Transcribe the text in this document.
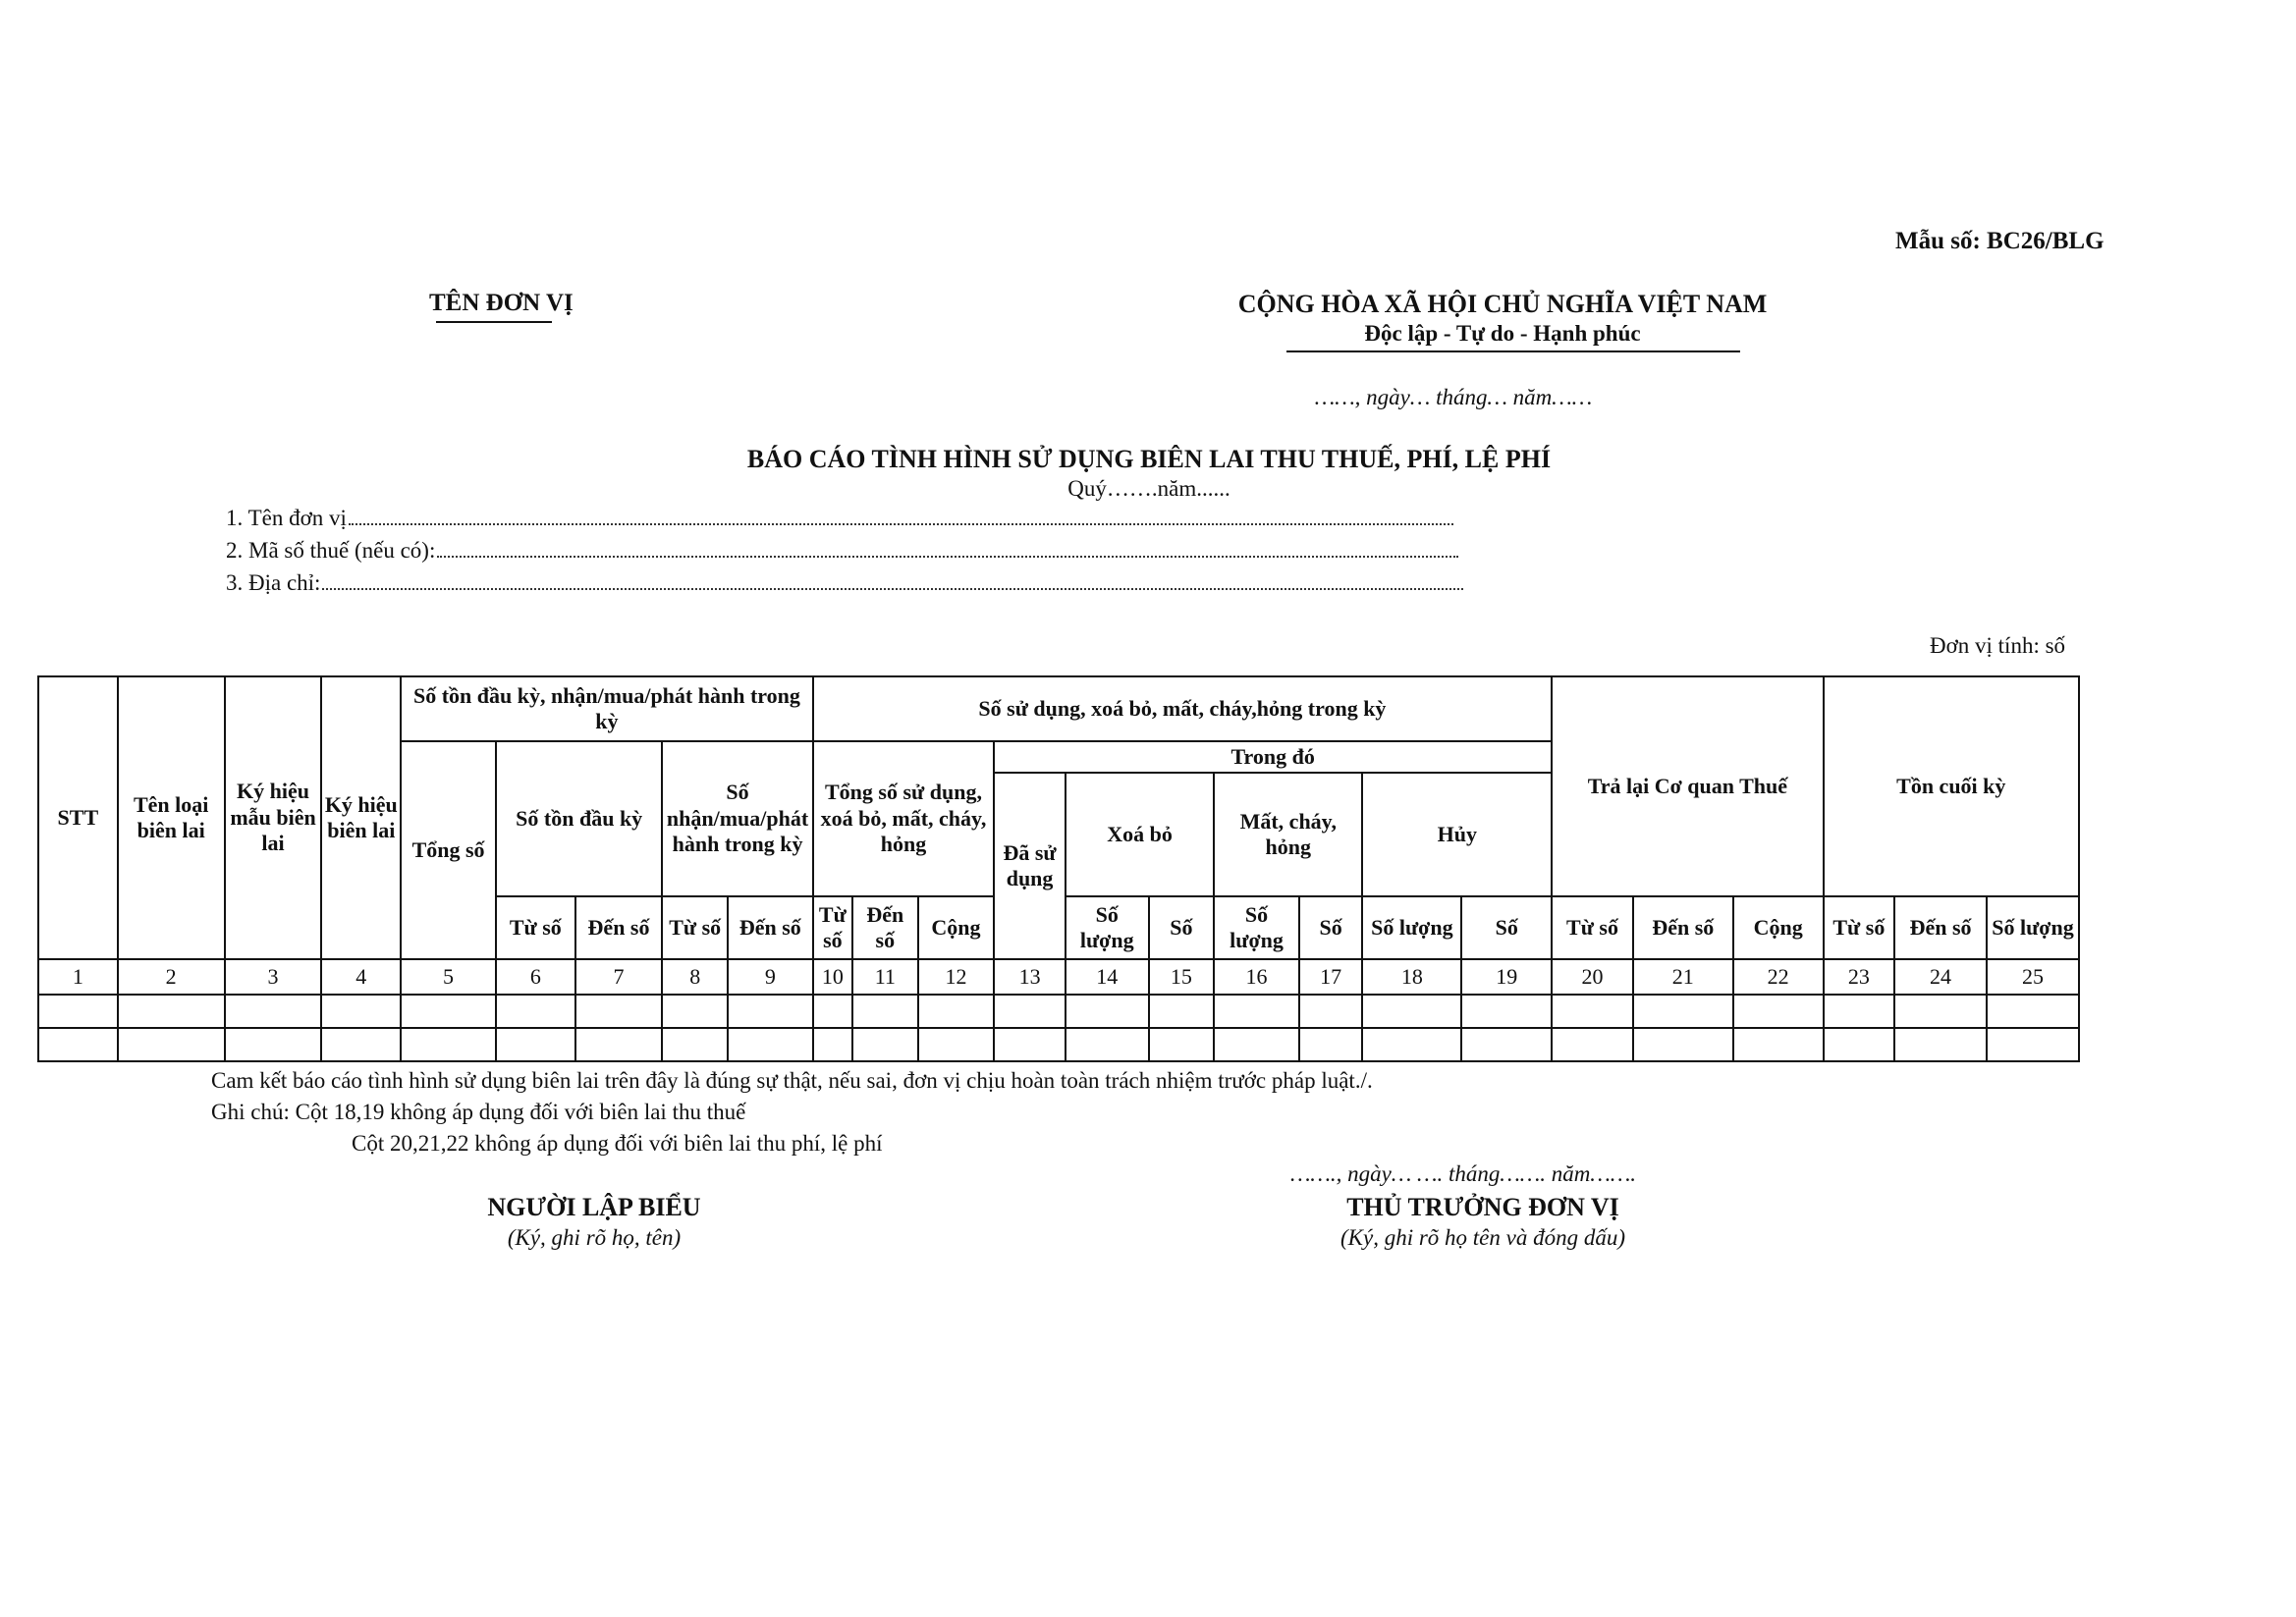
Mẫu số: BC26/BLG
TÊN ĐƠN VỊ	CỘNG HÒA XÃ HỘI CHỦ NGHĨA VIỆT NAM
Độc lập - Tự do - Hạnh phúc
……, ngày… tháng… năm……
BÁO CÁO TÌNH HÌNH SỬ DỤNG BIÊN LAI THU THUẾ, PHÍ, LỆ PHÍ
Quý…….năm......
1. Tên đơn vị
2. Mã số thuế (nếu có):
3. Địa chỉ:
Đơn vị tính: số
STT	Tên loại biên lai	Ký hiệu mẫu biên lai	Ký hiệu biên lai	Số tồn đầu kỳ, nhận/mua/phát hành trong kỳ					Số sử dụng, xoá bỏ, mất, cháy,hỏng trong kỳ										Trả lại Cơ quan Thuế			Tồn cuối kỳ		
				Tổng số	Số tồn đầu kỳ		Số nhận/mua/phát hành trong kỳ		Tổng số sử dụng, xoá bỏ, mất, cháy, hỏng			Trong đó												
												Đã sử dụng	Xoá bỏ		Mất, cháy, hỏng		Hủy							
					Từ số	Đến số	Từ số	Đến số	Từ số	Đến số	Cộng		Số lượng	Số	Số lượng	Số	Số lượng	Số	Từ số	Đến số	Cộng	Từ số	Đến số	Số lượng
1	2	3	4	5	6	7	8	9	10	11	12	13	14	15	16	17	18	19	20	21	22	23	24	25

Cam kết báo cáo tình hình sử dụng biên lai trên đây là đúng sự thật, nếu sai, đơn vị chịu hoàn toàn trách nhiệm trước pháp luật./.
Ghi chú: Cột 18,19 không áp dụng đối với biên lai thu thuế
Cột 20,21,22 không áp dụng đối với biên lai thu phí, lệ phí
……., ngày… …. tháng……. năm…….
NGƯỜI LẬP BIỂU
(Ký, ghi rõ họ, tên)
THỦ TRƯỞNG ĐƠN VỊ
(Ký, ghi rõ họ tên và đóng dấu)
